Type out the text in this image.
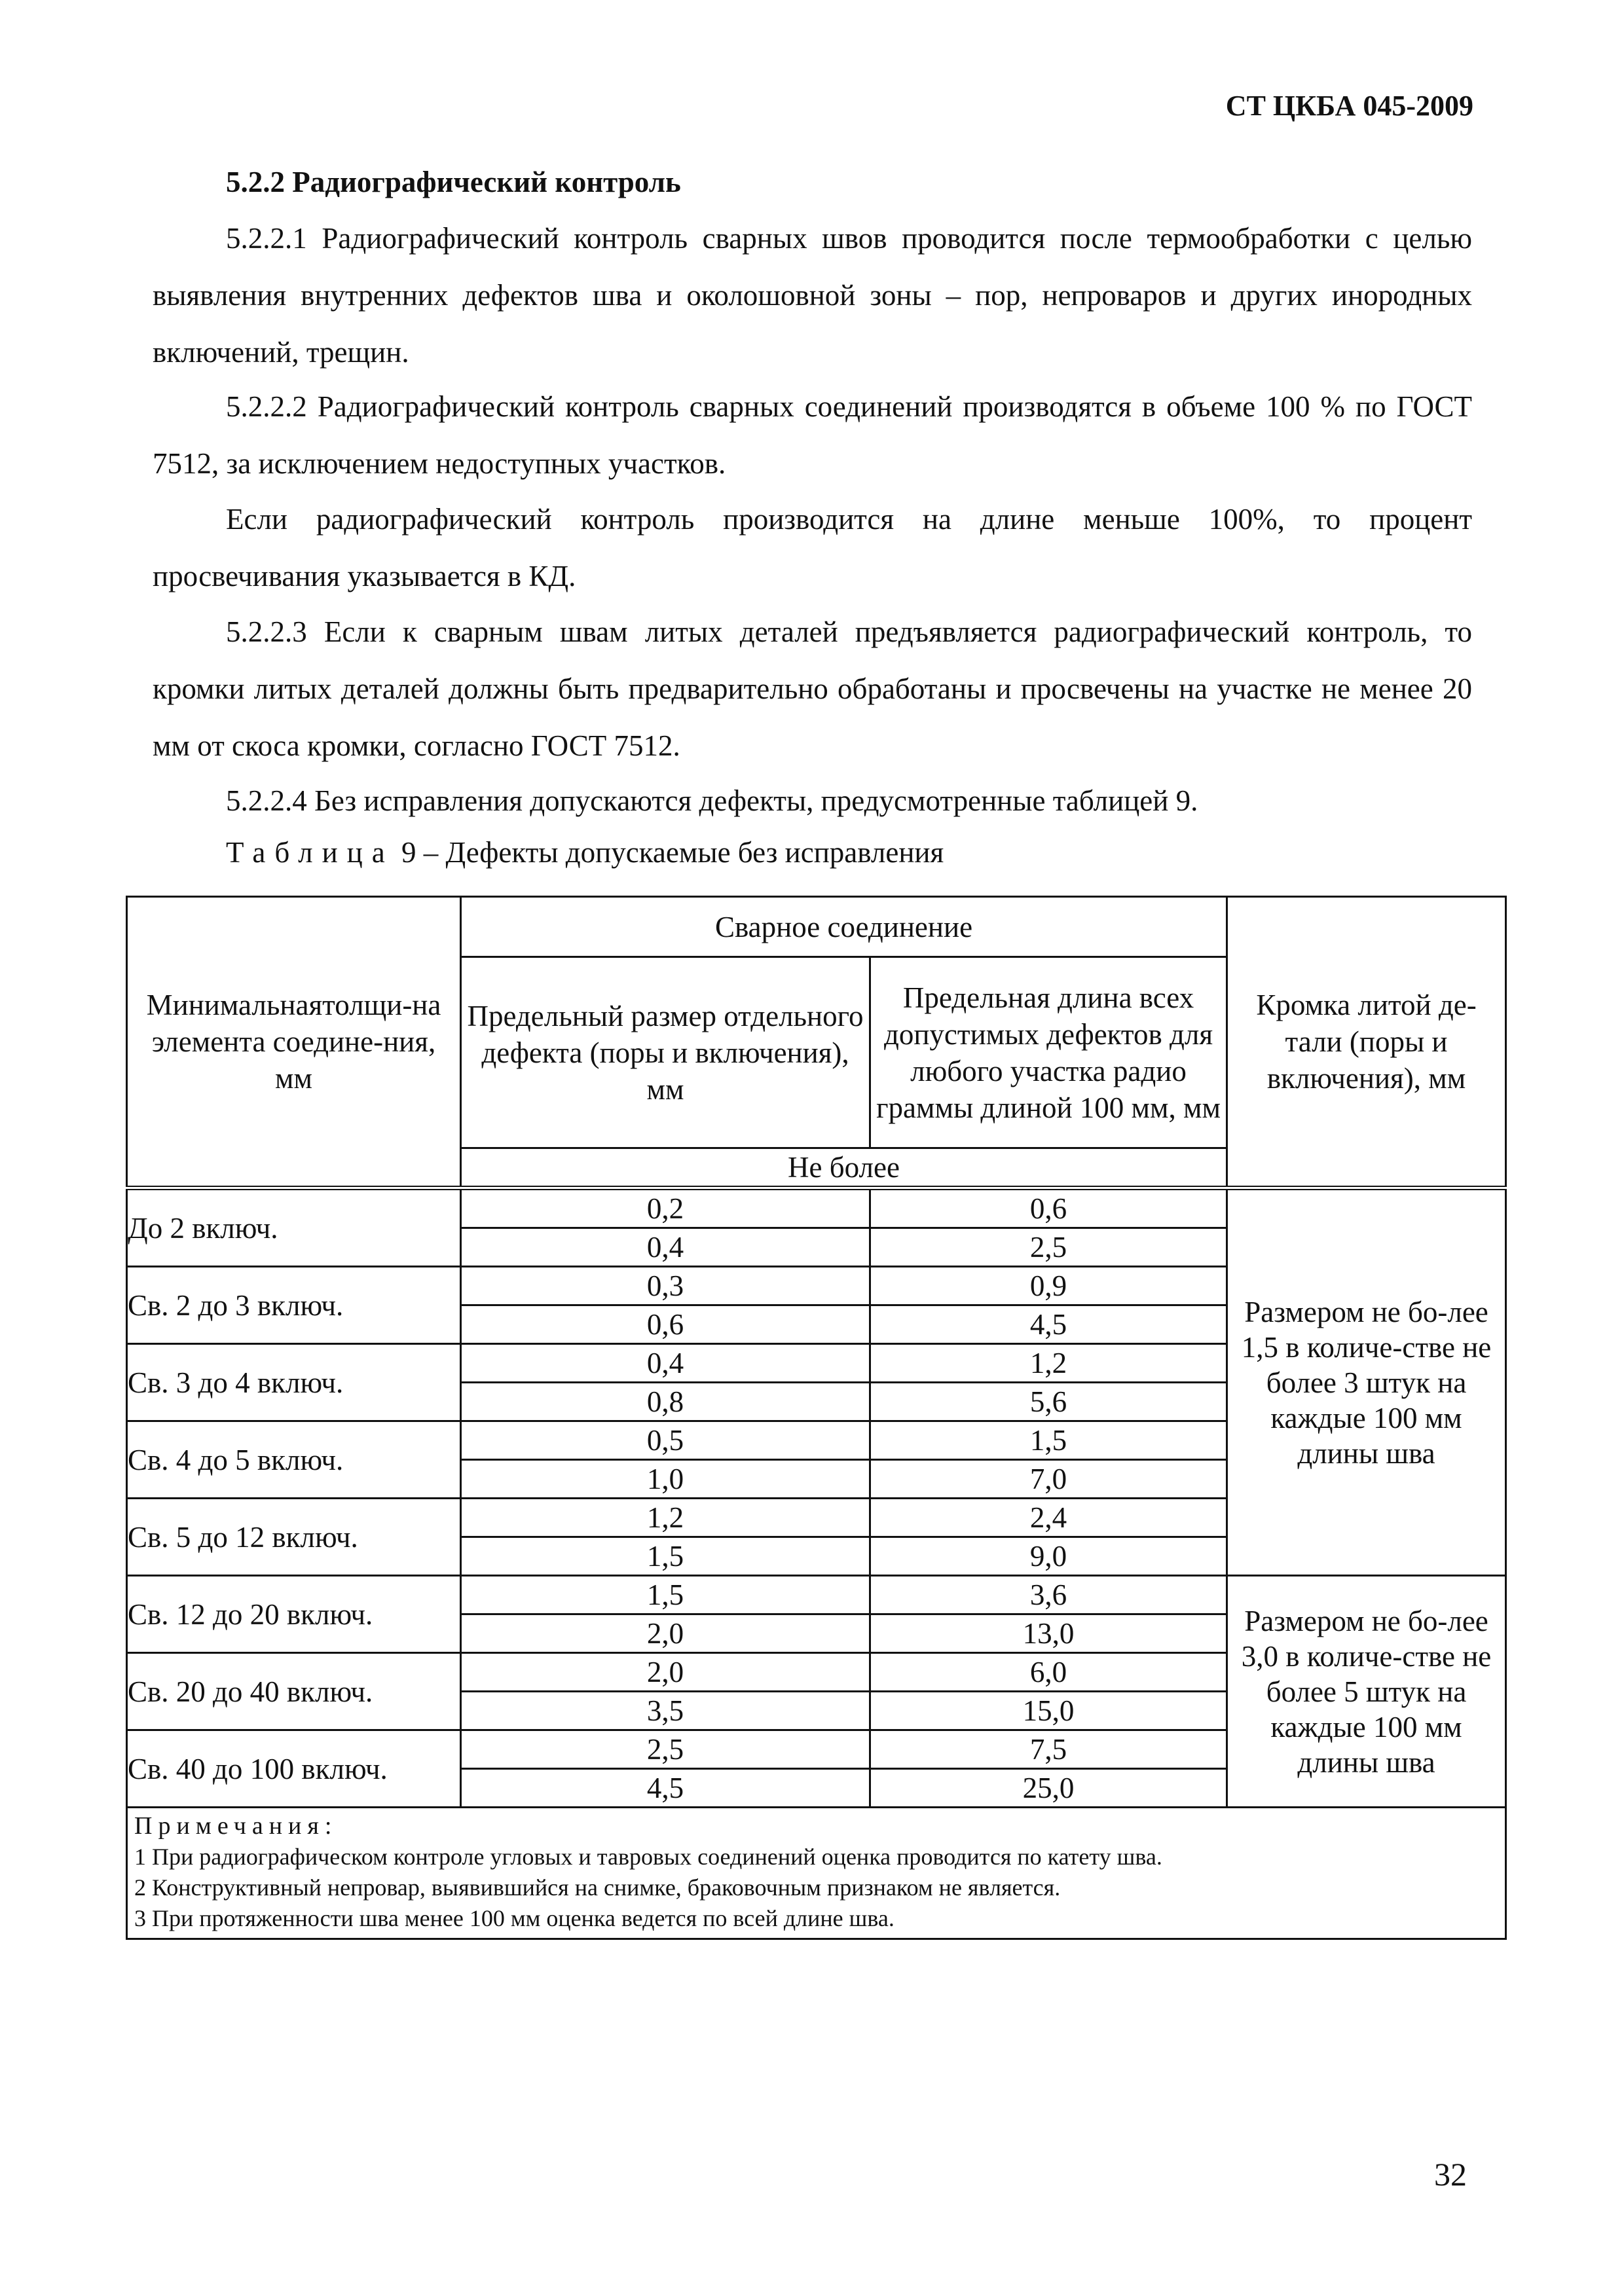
СТ ЦКБА 045-2009
5.2.2 Радиографический контроль

5.2.2.1 Радиографический контроль сварных швов проводится после термообработки с целью выявления внутренних дефектов шва и околошовной зоны – пор, непроваров и других инородных включений, трещин.

5.2.2.2 Радиографический контроль сварных соединений производятся в объеме 100 % по ГОСТ 7512, за исключением недоступных участков.

Если радиографический контроль производится на длине меньше 100%, то процент просвечивания указывается в КД.

5.2.2.3 Если к сварным швам литых деталей предъявляется радиографический контроль, то кромки литых деталей должны быть предварительно обработаны и просвечены на участке не менее 20 мм от скоса кромки, согласно ГОСТ 7512.

5.2.2.4 Без исправления допускаются дефекты, предусмотренные таблицей 9.

Таблица 9 – Дефекты допускаемые без исправления
Минимальнаятолщи-на элемента соедине-ния, мм	Сварное соединение		Кромка литой де-тали (поры и включения), мм
	Предельный размер отдельного дефекта (поры и включения), мм	Предельная длина всех допустимых дефектов для любого участка радио граммы длиной 100 мм, мм	
	Не более		
До 2 включ.	0,2	0,6	Размером не бо-лее 1,5 в количе-стве не более 3 штук на каждые 100 мм длины шва
	0,4	2,5	
Св. 2 до 3 включ.	0,3	0,9	
	0,6	4,5	
Св. 3 до 4 включ.	0,4	1,2	
	0,8	5,6	
Св. 4 до 5 включ.	0,5	1,5	
	1,0	7,0	
Св. 5 до 12 включ.	1,2	2,4	
	1,5	9,0	
Св. 12 до 20 включ.	1,5	3,6	Размером не бо-лее 3,0 в количе-стве не более 5 штук на каждые 100 мм длины шва
	2,0	13,0	
Св. 20 до 40 включ.	2,0	6,0	
	3,5	15,0	
Св. 40 до 100 включ.	2,5	7,5	
	4,5	25,0	

Примечания:
1 При радиографическом контроле угловых и тавровых соединений оценка проводится по катету шва.
2 Конструктивный непровар, выявившийся на снимке, браковочным признаком не является.
3 При протяженности шва менее 100 мм оценка ведется по всей длине шва.			
32
